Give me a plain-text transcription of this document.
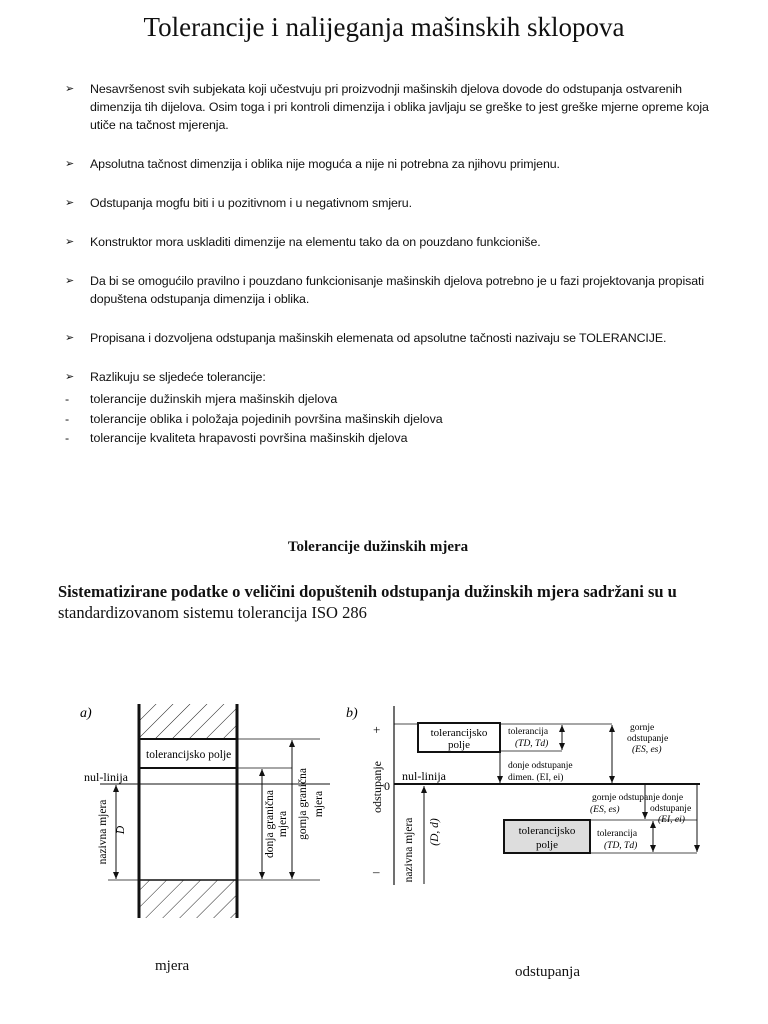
Tolerancije i nalijeganja mašinskih sklopova
➢ Nesavršenost svih subjekata koji učestvuju pri proizvodnji mašinskih djelova dovode do odstupanja ostvarenih dimenzija tih dijelova. Osim toga i pri kontroli dimenzija i oblika javljaju se greške to jest greške mjerne opreme koja utiče na tačnost mjerenja.
➢ Apsolutna tačnost dimenzija i oblika nije moguća a nije ni potrebna za njihovu primjenu.
➢ Odstupanja mogfu biti i u pozitivnom i u negativnom smjeru.
➢ Konstruktor mora uskladiti dimenzije na elementu tako da on pouzdano funkcioniše.
➢ Da bi se omogućilo pravilno i pouzdano funkcionisanje mašinskih djelova potrebno je u fazi projektovanja propisati dopuštena odstupanja dimenzija i oblika.
➢ Propisana i dozvoljena odstupanja mašinskih elemenata od apsolutne tačnosti nazivaju se TOLERANCIJE.
➢ Razlikuju se sljedeće tolerancije:
- tolerancije dužinskih mjera mašinskih djelova
- tolerancije oblika i položaja pojedinih površina mašinskih djelova
- tolerancije kvaliteta hrapavosti površina mašinskih djelova
Tolerancije dužinskih mjera

Sistematizirane podatke o veličini dopuštenih odstupanja dužinskih mjera sadržani su u
standardizovanom sistemu tolerancija ISO 286

a)
tolerancijsko polje
nul-linija
nazivna mjera D	donja granična mjera gornja granična mjera
b)
+
–
0
odstupanje nul-linija
tolerancijsko
polje
tolerancija
(TD, Td)
donje odstupanje
dimen. (EI, ei)
gornje
odstupanje
(ES, es)
tolerancijsko
polje
gornje odstupanje
(ES, es)
donje
odstupanje
(EI, ei)
tolerancija
(TD, Td)
nazivna mjera (D, d)
mjera	odstupanja
